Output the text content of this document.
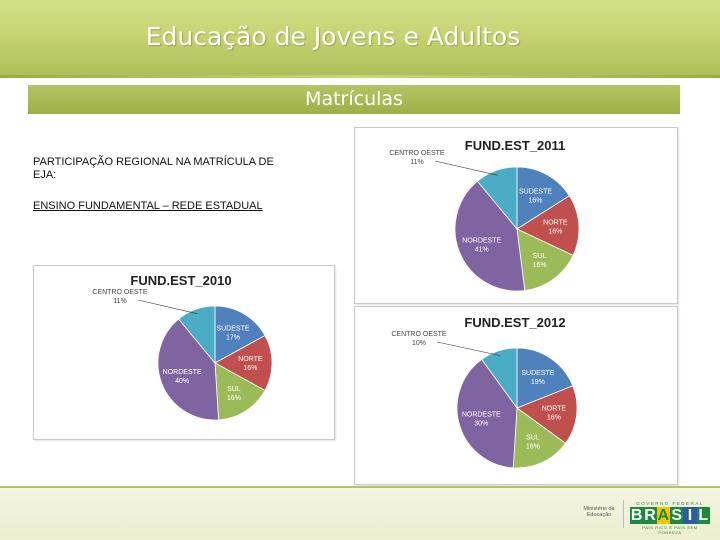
Educação de Jovens e Adultos
Matrículas
PARTICIPAÇÃO REGIONAL NA MATRÍCULA DE EJA:
ENSINO FUNDAMENTAL – REDE ESTADUAL
FUND.EST_2010
SUDESTE
17%
NORTE
16%
SUL
16%
NORDESTE
40%
CENTRO OESTE
11%
FUND.EST_2011
SUDESTE
16%
NORTE
16%
SUL
16%
NORDESTE
41%
CENTRO OESTE
11%
FUND.EST_2012
SUDESTE
19%
NORTE
16%
SUL
16%
NORDESTE
30%
CENTRO OESTE
10%
Ministério da Educação
GOVERNO FEDERAL
B R A S I L
PAÍS RICO É PAÍS SEM POBREZA
